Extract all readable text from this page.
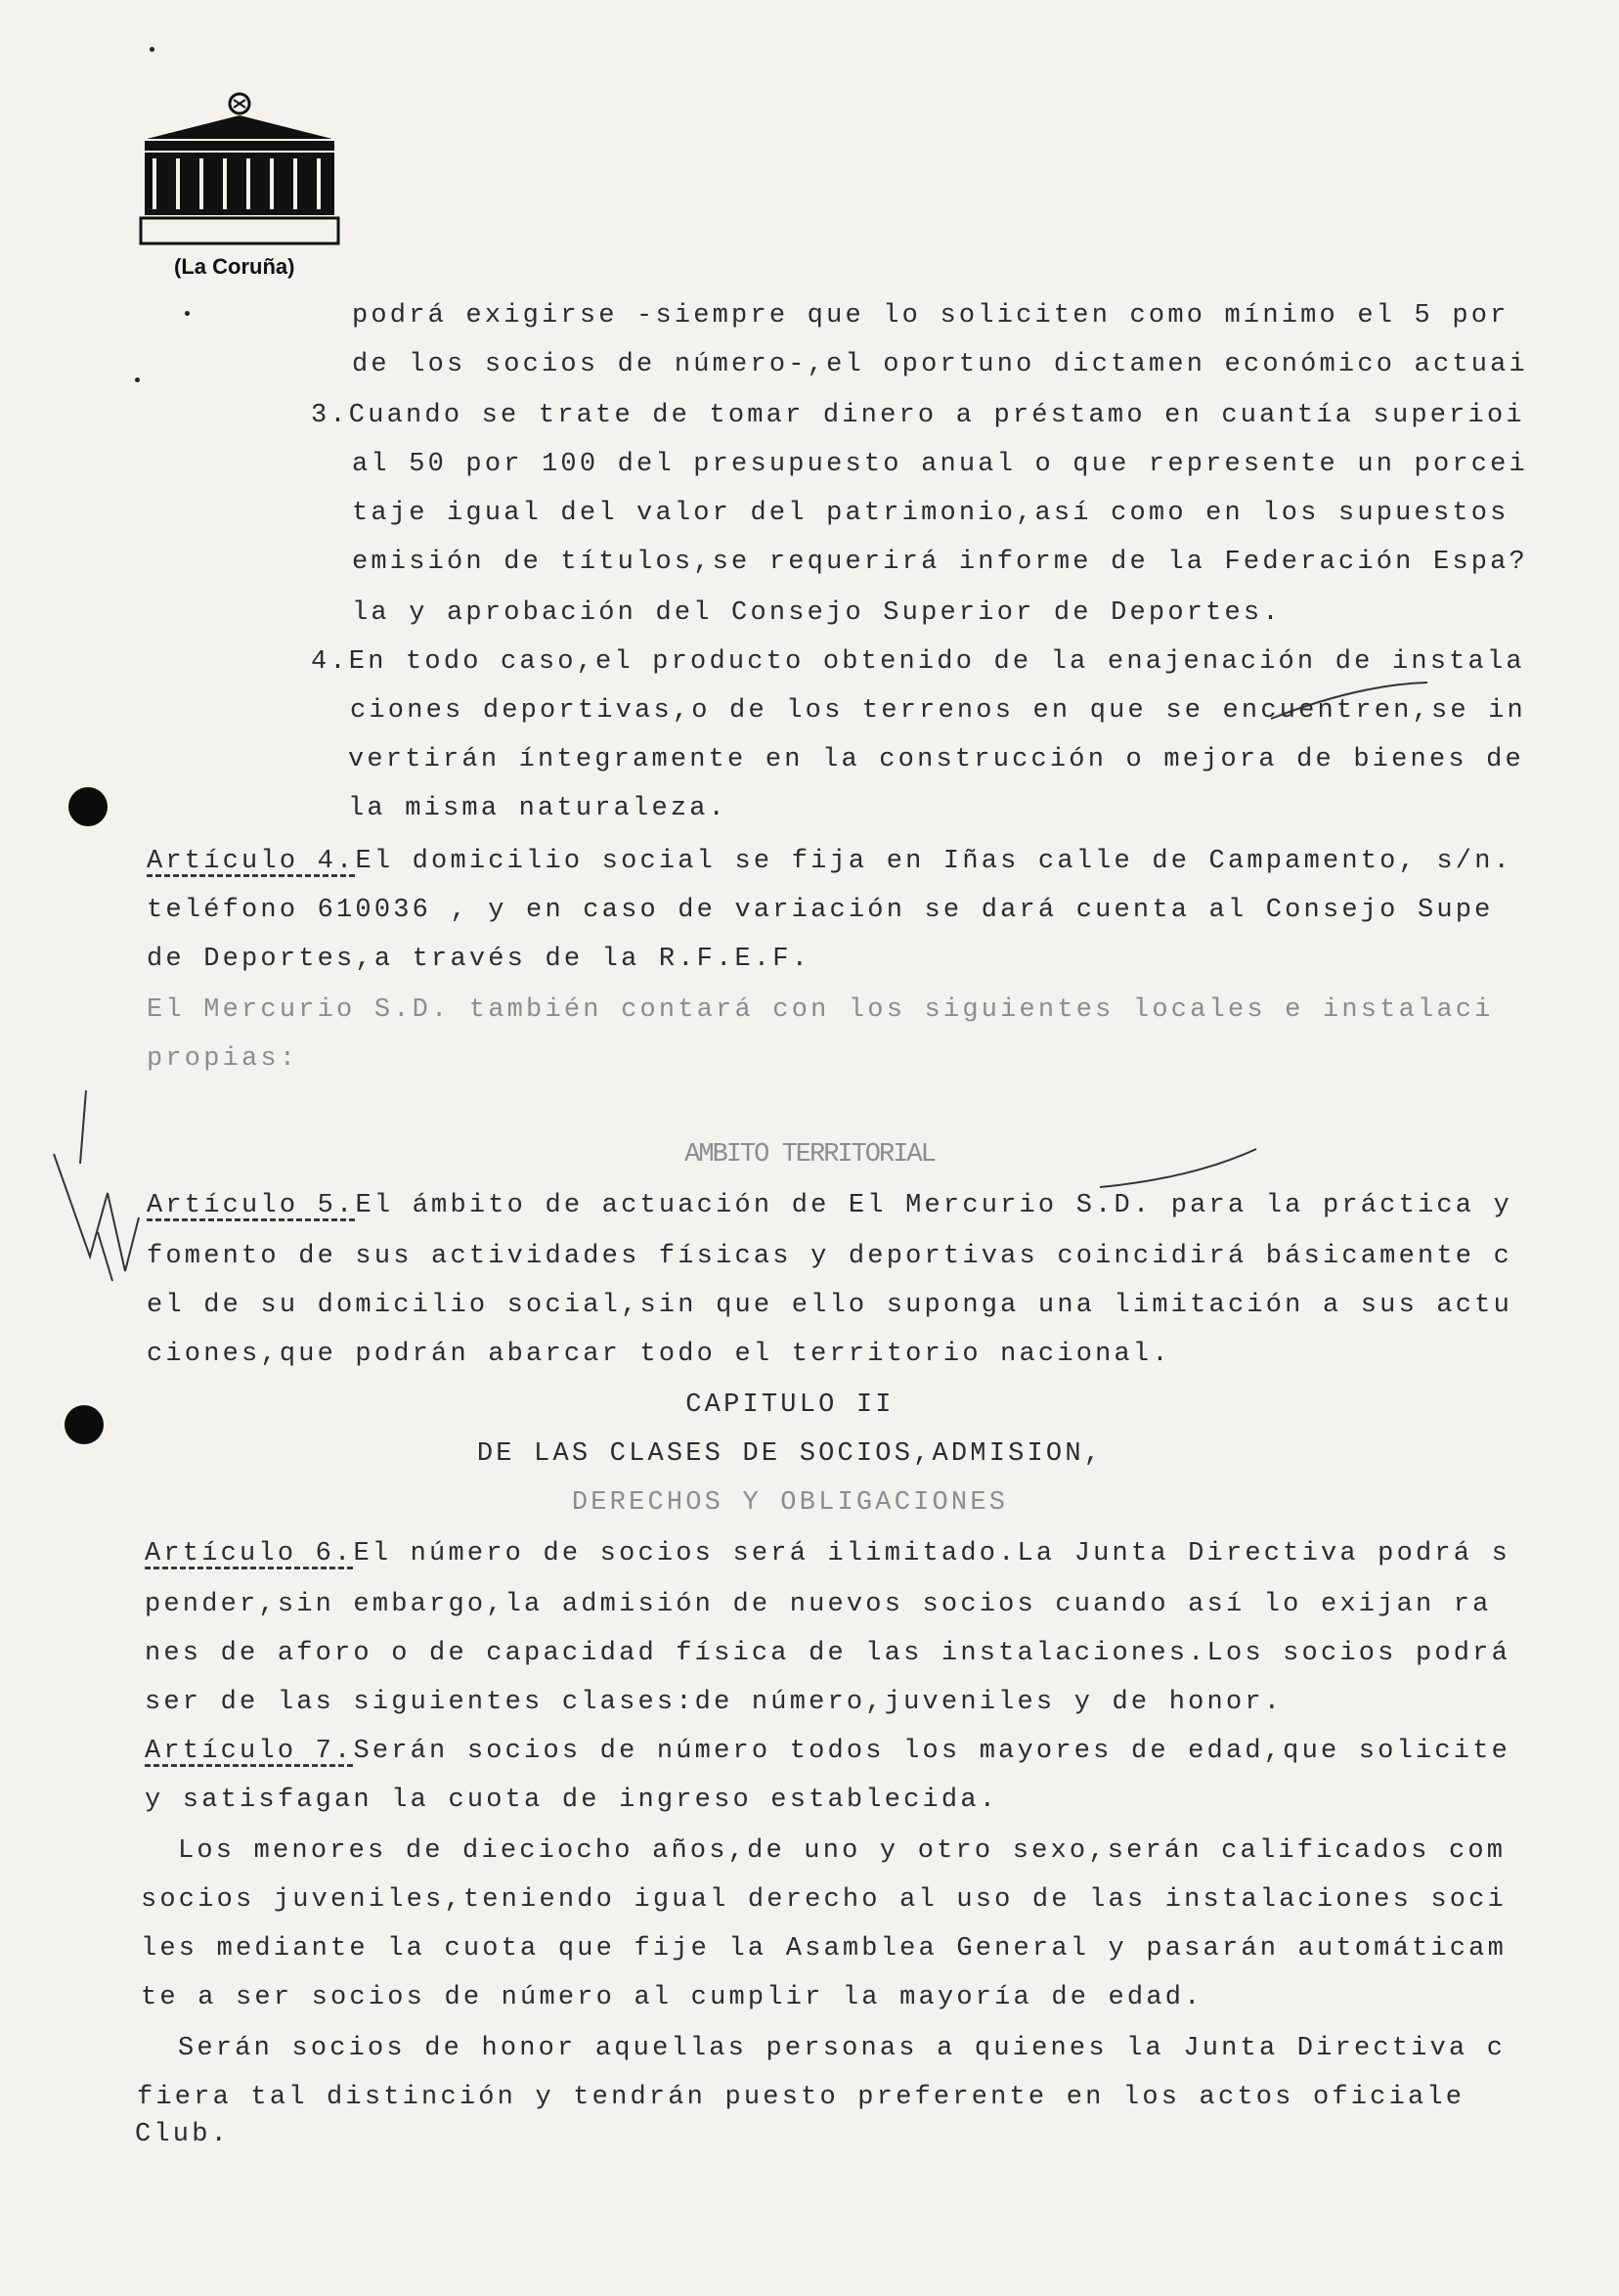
(La Coruña)
podrá exigirse -siempre que lo soliciten como mínimo el 5 por
de los socios de número-,el oportuno dictamen económico actuai
3.Cuando se trate de tomar dinero a préstamo en cuantía superioi
al 50 por 100 del presupuesto anual o que represente un porcei
taje igual del valor del patrimonio,así como en los supuestos
emisión de títulos,se requerirá informe de la Federación Espa?
la y aprobación del Consejo Superior de Deportes.
4.En todo caso,el producto obtenido de la enajenación de instala
ciones deportivas,o de los terrenos en que se encuentren,se in
vertirán íntegramente en la construcción o mejora de bienes de
la misma naturaleza.
Artículo 4.El domicilio social se fija en Iñas calle de Campamento, s/n.
teléfono 610036 , y en caso de variación se dará cuenta al Consejo Supe
de Deportes,a través de la R.F.E.F.
El Mercurio S.D. también contará con los siguientes locales e instalaci
propias:
AMBITO TERRITORIAL
Artículo 5.El ámbito de actuación de El Mercurio S.D. para la práctica y
fomento de sus actividades físicas y deportivas coincidirá básicamente c
el de su domicilio social,sin que ello suponga una limitación a sus actu
ciones,que podrán abarcar todo el territorio nacional.
CAPITULO II
DE LAS CLASES DE SOCIOS,ADMISION,
DERECHOS Y OBLIGACIONES
Artículo 6.El número de socios será ilimitado.La Junta Directiva podrá s
pender,sin embargo,la admisión de nuevos socios cuando así lo exijan ra
nes de aforo o de capacidad física de las instalaciones.Los socios podrá
ser de las siguientes clases:de número,juveniles y de honor.
Artículo 7.Serán socios de número todos los mayores de edad,que solicite
y satisfagan la cuota de ingreso establecida.
Los menores de dieciocho años,de uno y otro sexo,serán calificados com
socios juveniles,teniendo igual derecho al uso de las instalaciones soci
les mediante la cuota que fije la Asamblea General y pasarán automáticam
te a ser socios de número al cumplir la mayoría de edad.
Serán socios de honor aquellas personas a quienes la Junta Directiva c
fiera tal distinción y tendrán puesto preferente en los actos oficiale
Club.
